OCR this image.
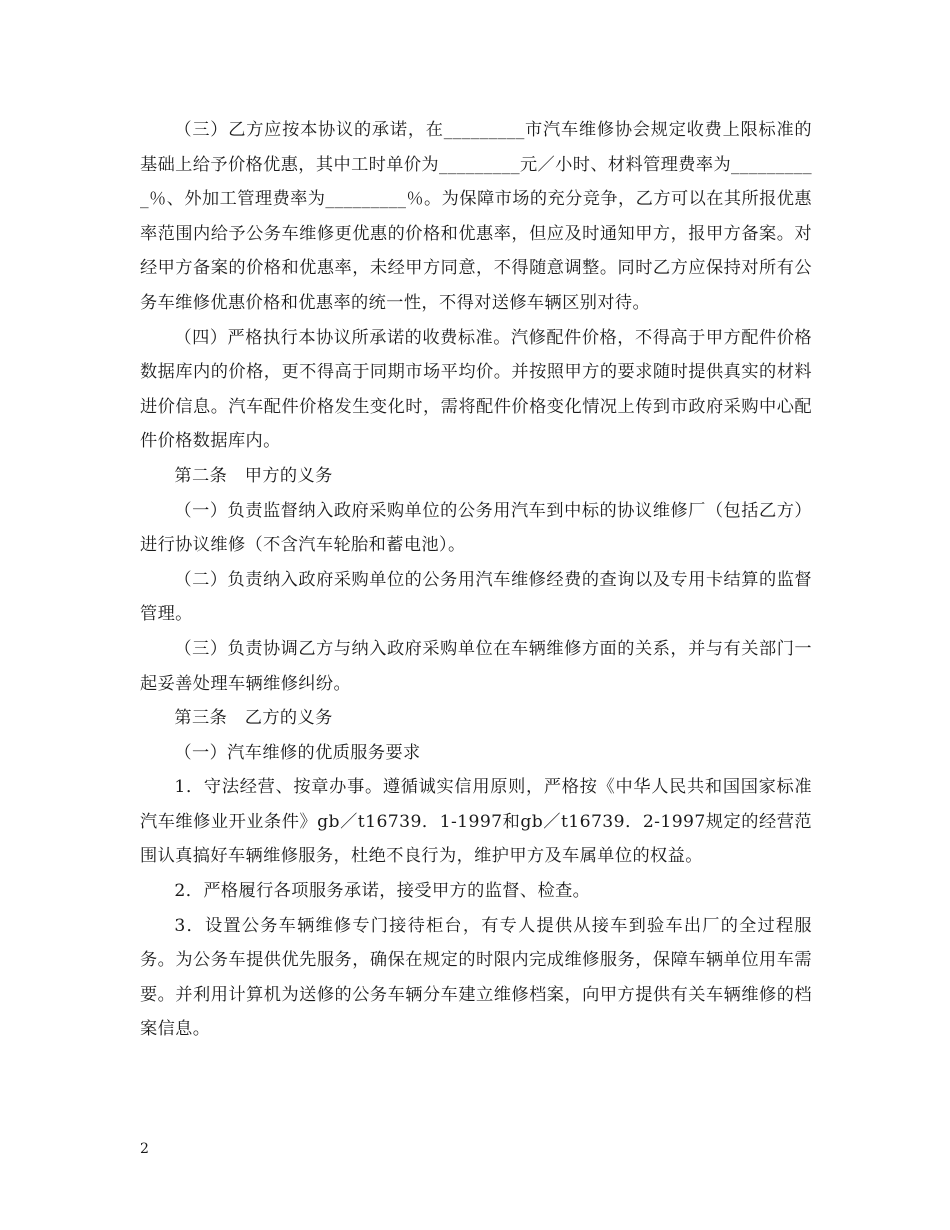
（三）乙方应按本协议的承诺，在_________市汽车维修协会规定收费上限标准的基础上给予价格优惠，其中工时单价为_________元／小时、材料管理费率为__________％、外加工管理费率为_________％。为保障市场的充分竞争，乙方可以在其所报优惠率范围内给予公务车维修更优惠的价格和优惠率，但应及时通知甲方，报甲方备案。对经甲方备案的价格和优惠率，未经甲方同意，不得随意调整。同时乙方应保持对所有公务车维修优惠价格和优惠率的统一性，不得对送修车辆区别对待。

（四）严格执行本协议所承诺的收费标准。汽修配件价格，不得高于甲方配件价格数据库内的价格，更不得高于同期市场平均价。并按照甲方的要求随时提供真实的材料进价信息。汽车配件价格发生变化时，需将配件价格变化情况上传到市政府采购中心配件价格数据库内。

第二条　甲方的义务

（一）负责监督纳入政府采购单位的公务用汽车到中标的协议维修厂（包括乙方）进行协议维修（不含汽车轮胎和蓄电池）。

（二）负责纳入政府采购单位的公务用汽车维修经费的查询以及专用卡结算的监督管理。

（三）负责协调乙方与纳入政府采购单位在车辆维修方面的关系，并与有关部门一起妥善处理车辆维修纠纷。

第三条　乙方的义务

（一）汽车维修的优质服务要求

1．守法经营、按章办事。遵循诚实信用原则，严格按《中华人民共和国国家标准汽车维修业开业条件》gb／t16739．1-1997和gb／t16739．2-1997规定的经营范围认真搞好车辆维修服务，杜绝不良行为，维护甲方及车属单位的权益。

2．严格履行各项服务承诺，接受甲方的监督、检查。

3．设置公务车辆维修专门接待柜台，有专人提供从接车到验车出厂的全过程服务。为公务车提供优先服务，确保在规定的时限内完成维修服务，保障车辆单位用车需要。并利用计算机为送修的公务车辆分车建立维修档案，向甲方提供有关车辆维修的档案信息。

2
